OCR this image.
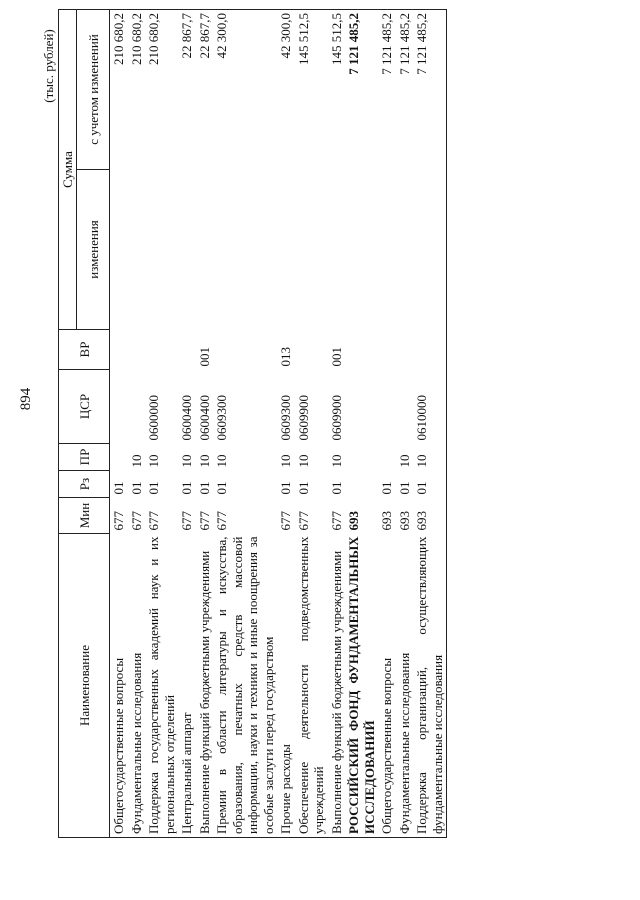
894
(тыс. рублей)
Наименование	Мин	Рз	ПР	ЦСР	ВР	Сумма	
						изменения	с учетом изменений
Общегосударственные вопросы	677	01					210 680,2
Фундаментальные исследования	677	01	10				210 680,2
Поддержка государственных академий наук и их региональных отделений	677	01	10	0600000			210 680,2
Центральный аппарат	677	01	10	0600400			22 867,7
Выполнение функций бюджетными учреждениями	677	01	10	0600400	001		22 867,7
Премии в области литературы и искусства, образования, печатных средств массовой информации, науки и техники и иные поощрения за особые заслуги перед государством	677	01	10	0609300			42 300,0
Прочие расходы	677	01	10	0609300	013		42 300,0
Обеспечение деятельности подведомственных учреждений	677	01	10	0609900			145 512,5
Выполнение функций бюджетными учреждениями	677	01	10	0609900	001		145 512,5
РОССИЙСКИЙ ФОНД ФУНДАМЕНТАЛЬНЫХ ИССЛЕДОВАНИЙ	693						7 121 485,2
Общегосударственные вопросы	693	01					7 121 485,2
Фундаментальные исследования	693	01	10				7 121 485,2
Поддержка организаций, осуществляющих фундаментальные исследования	693	01	10	0610000			7 121 485,2
